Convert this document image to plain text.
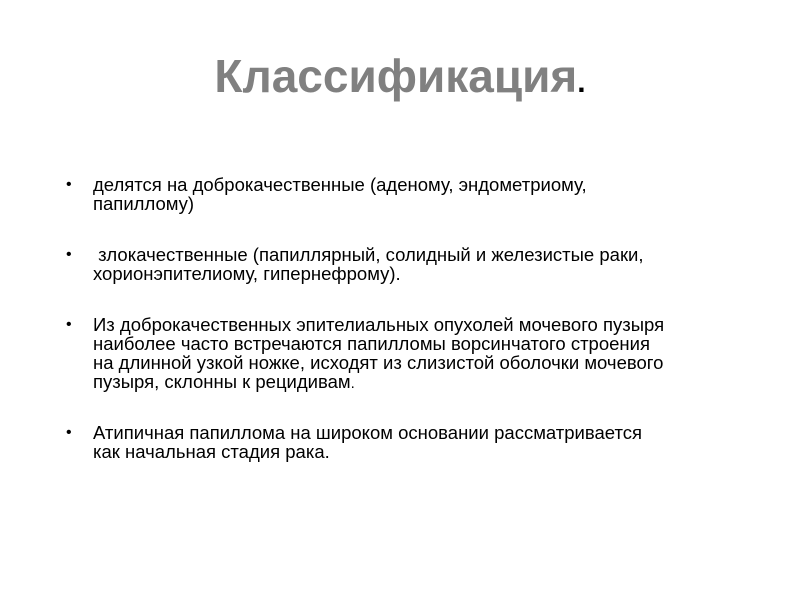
Классификация.
• делятся на доброкачественные (аденому, эндометриому, папиллому)
• злокачественные (папиллярный, солидный и железистые раки, хорионэпителиому, гипернефрому).
• Из доброкачественных эпителиальных опухолей мочевого пузыря наиболее часто встречаются папилломы ворсинчатого строения на длинной узкой ножке, исходят из слизистой оболочки мочевого пузыря, склонны к рецидивам.
• Атипичная папиллома на широком основании рассматривается как начальная стадия рака.
